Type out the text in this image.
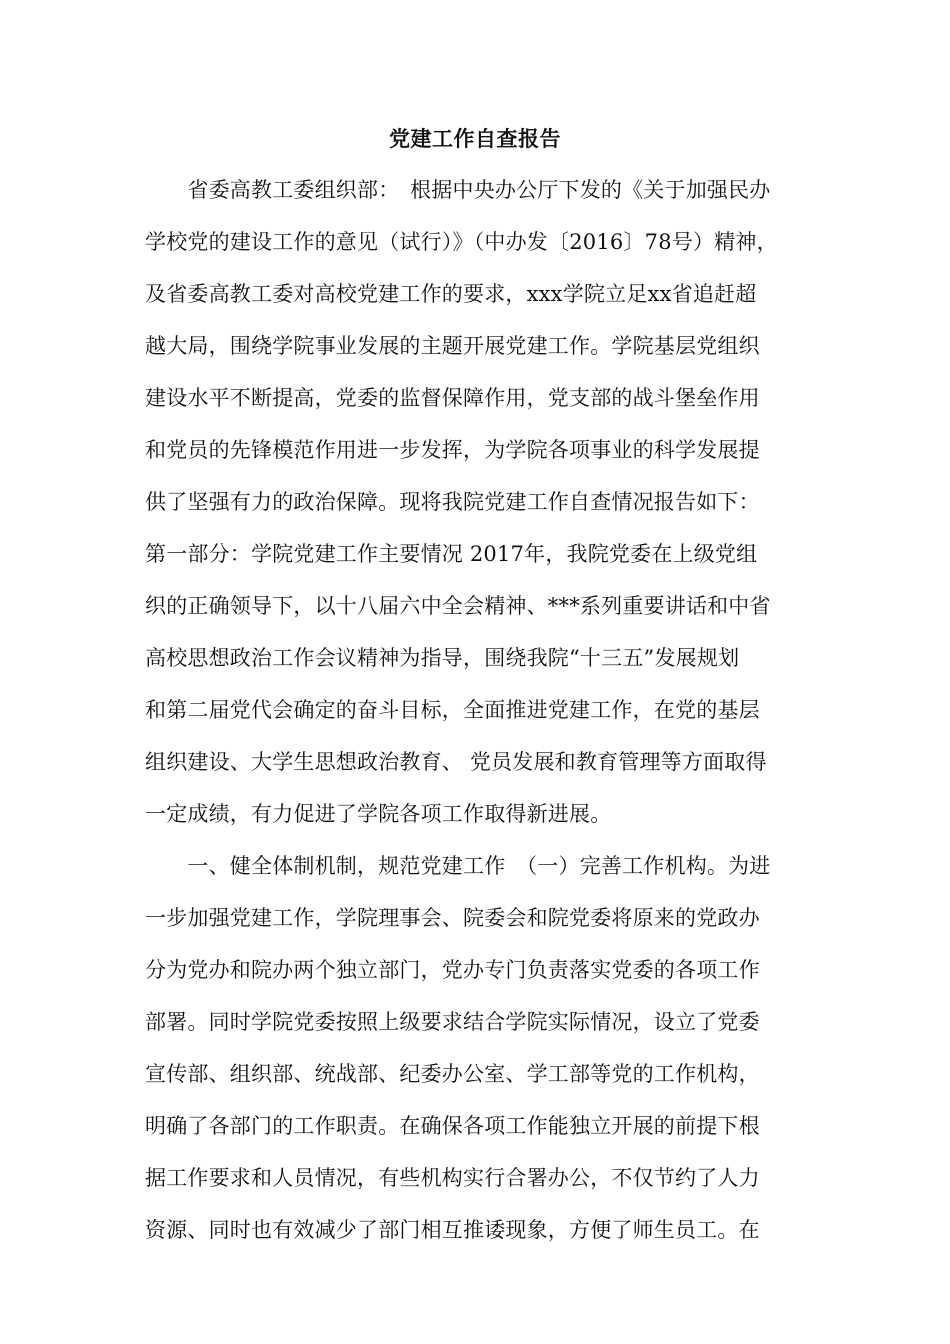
党建工作自查报告
　　省委高教工委组织部：　根据中央办公厅下发的《关于加强民办
学校党的建设工作的意见（试行）》（中办发〔2016〕78号）精神，
及省委高教工委对高校党建工作的要求，xxx学院立足xx省追赶超
越大局，围绕学院事业发展的主题开展党建工作。学院基层党组织
建设水平不断提高，党委的监督保障作用，党支部的战斗堡垒作用
和党员的先锋模范作用进一步发挥，为学院各项事业的科学发展提
供了坚强有力的政治保障。现将我院党建工作自查情况报告如下：
第一部分：学院党建工作主要情况 2017年，我院党委在上级党组
织的正确领导下，以十八届六中全会精神、***系列重要讲话和中省
高校思想政治工作会议精神为指导，围绕我院“十三五”发展规划
和第二届党代会确定的奋斗目标，全面推进党建工作，在党的基层
组织建设、大学生思想政治教育、 党员发展和教育管理等方面取得
一定成绩，有力促进了学院各项工作取得新进展。
　　一、健全体制机制，规范党建工作　（一）完善工作机构。为进
一步加强党建工作，学院理事会、院委会和院党委将原来的党政办
分为党办和院办两个独立部门，党办专门负责落实党委的各项工作
部署。同时学院党委按照上级要求结合学院实际情况，设立了党委
宣传部、组织部、统战部、纪委办公室、学工部等党的工作机构，
明确了各部门的工作职责。在确保各项工作能独立开展的前提下根
据工作要求和人员情况，有些机构实行合署办公，不仅节约了人力
资源、同时也有效减少了部门相互推诿现象，方便了师生员工。在
